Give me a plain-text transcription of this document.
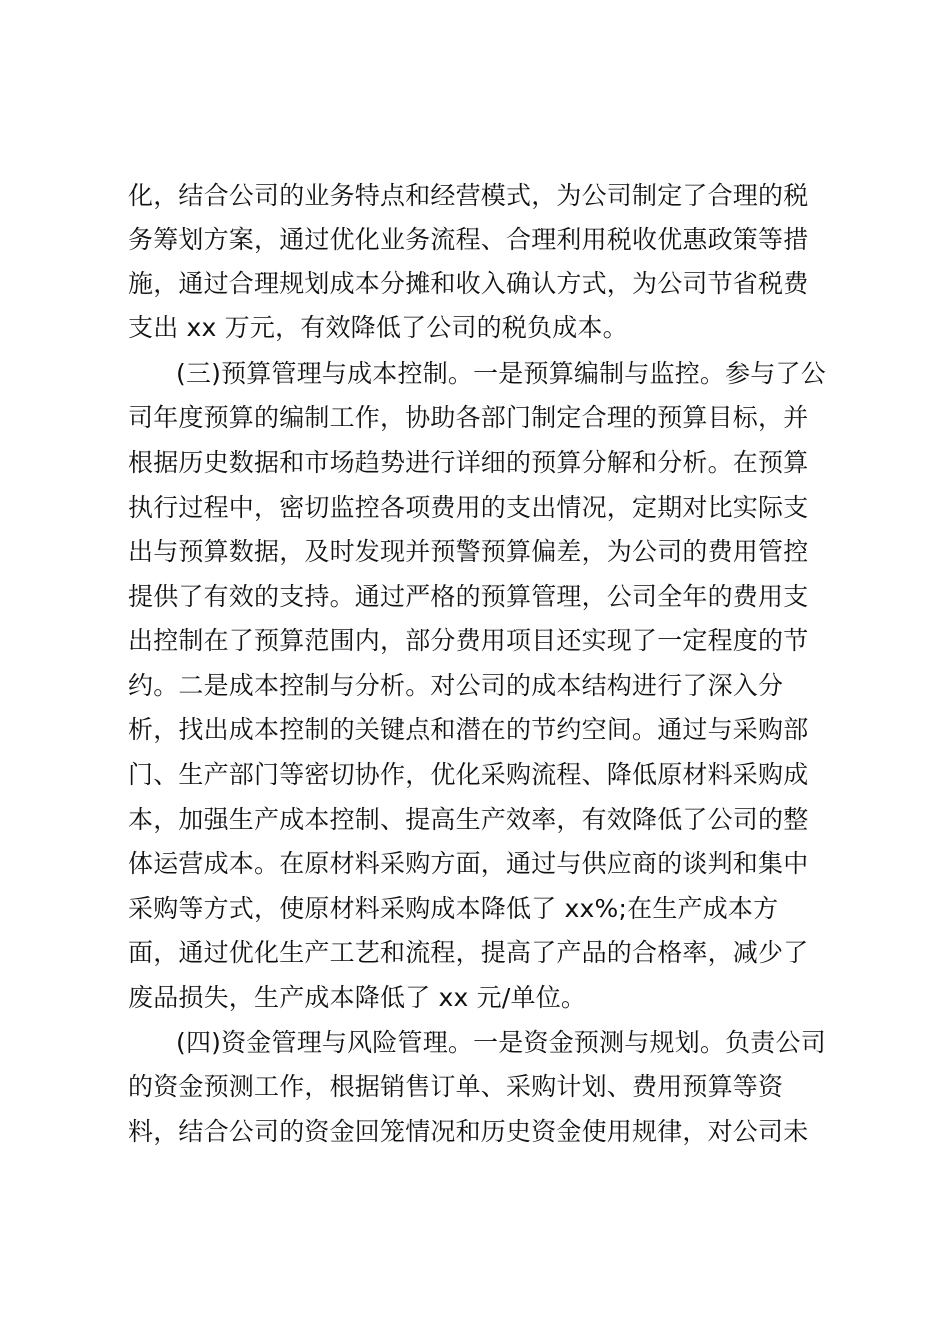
化，结合公司的业务特点和经营模式，为公司制定了合理的税
务筹划方案，通过优化业务流程、合理利用税收优惠政策等措
施，通过合理规划成本分摊和收入确认方式，为公司节省税费
支出 xx 万元，有效降低了公司的税负成本。
(三)预算管理与成本控制。一是预算编制与监控。参与了公
司年度预算的编制工作，协助各部门制定合理的预算目标，并
根据历史数据和市场趋势进行详细的预算分解和分析。在预算
执行过程中，密切监控各项费用的支出情况，定期对比实际支
出与预算数据，及时发现并预警预算偏差，为公司的费用管控
提供了有效的支持。通过严格的预算管理，公司全年的费用支
出控制在了预算范围内，部分费用项目还实现了一定程度的节
约。二是成本控制与分析。对公司的成本结构进行了深入分
析，找出成本控制的关键点和潜在的节约空间。通过与采购部
门、生产部门等密切协作，优化采购流程、降低原材料采购成
本，加强生产成本控制、提高生产效率，有效降低了公司的整
体运营成本。在原材料采购方面，通过与供应商的谈判和集中
采购等方式，使原材料采购成本降低了 xx%;在生产成本方
面，通过优化生产工艺和流程，提高了产品的合格率，减少了
废品损失，生产成本降低了 xx 元/单位。
(四)资金管理与风险管理。一是资金预测与规划。负责公司
的资金预测工作，根据销售订单、采购计划、费用预算等资
料，结合公司的资金回笼情况和历史资金使用规律，对公司未
